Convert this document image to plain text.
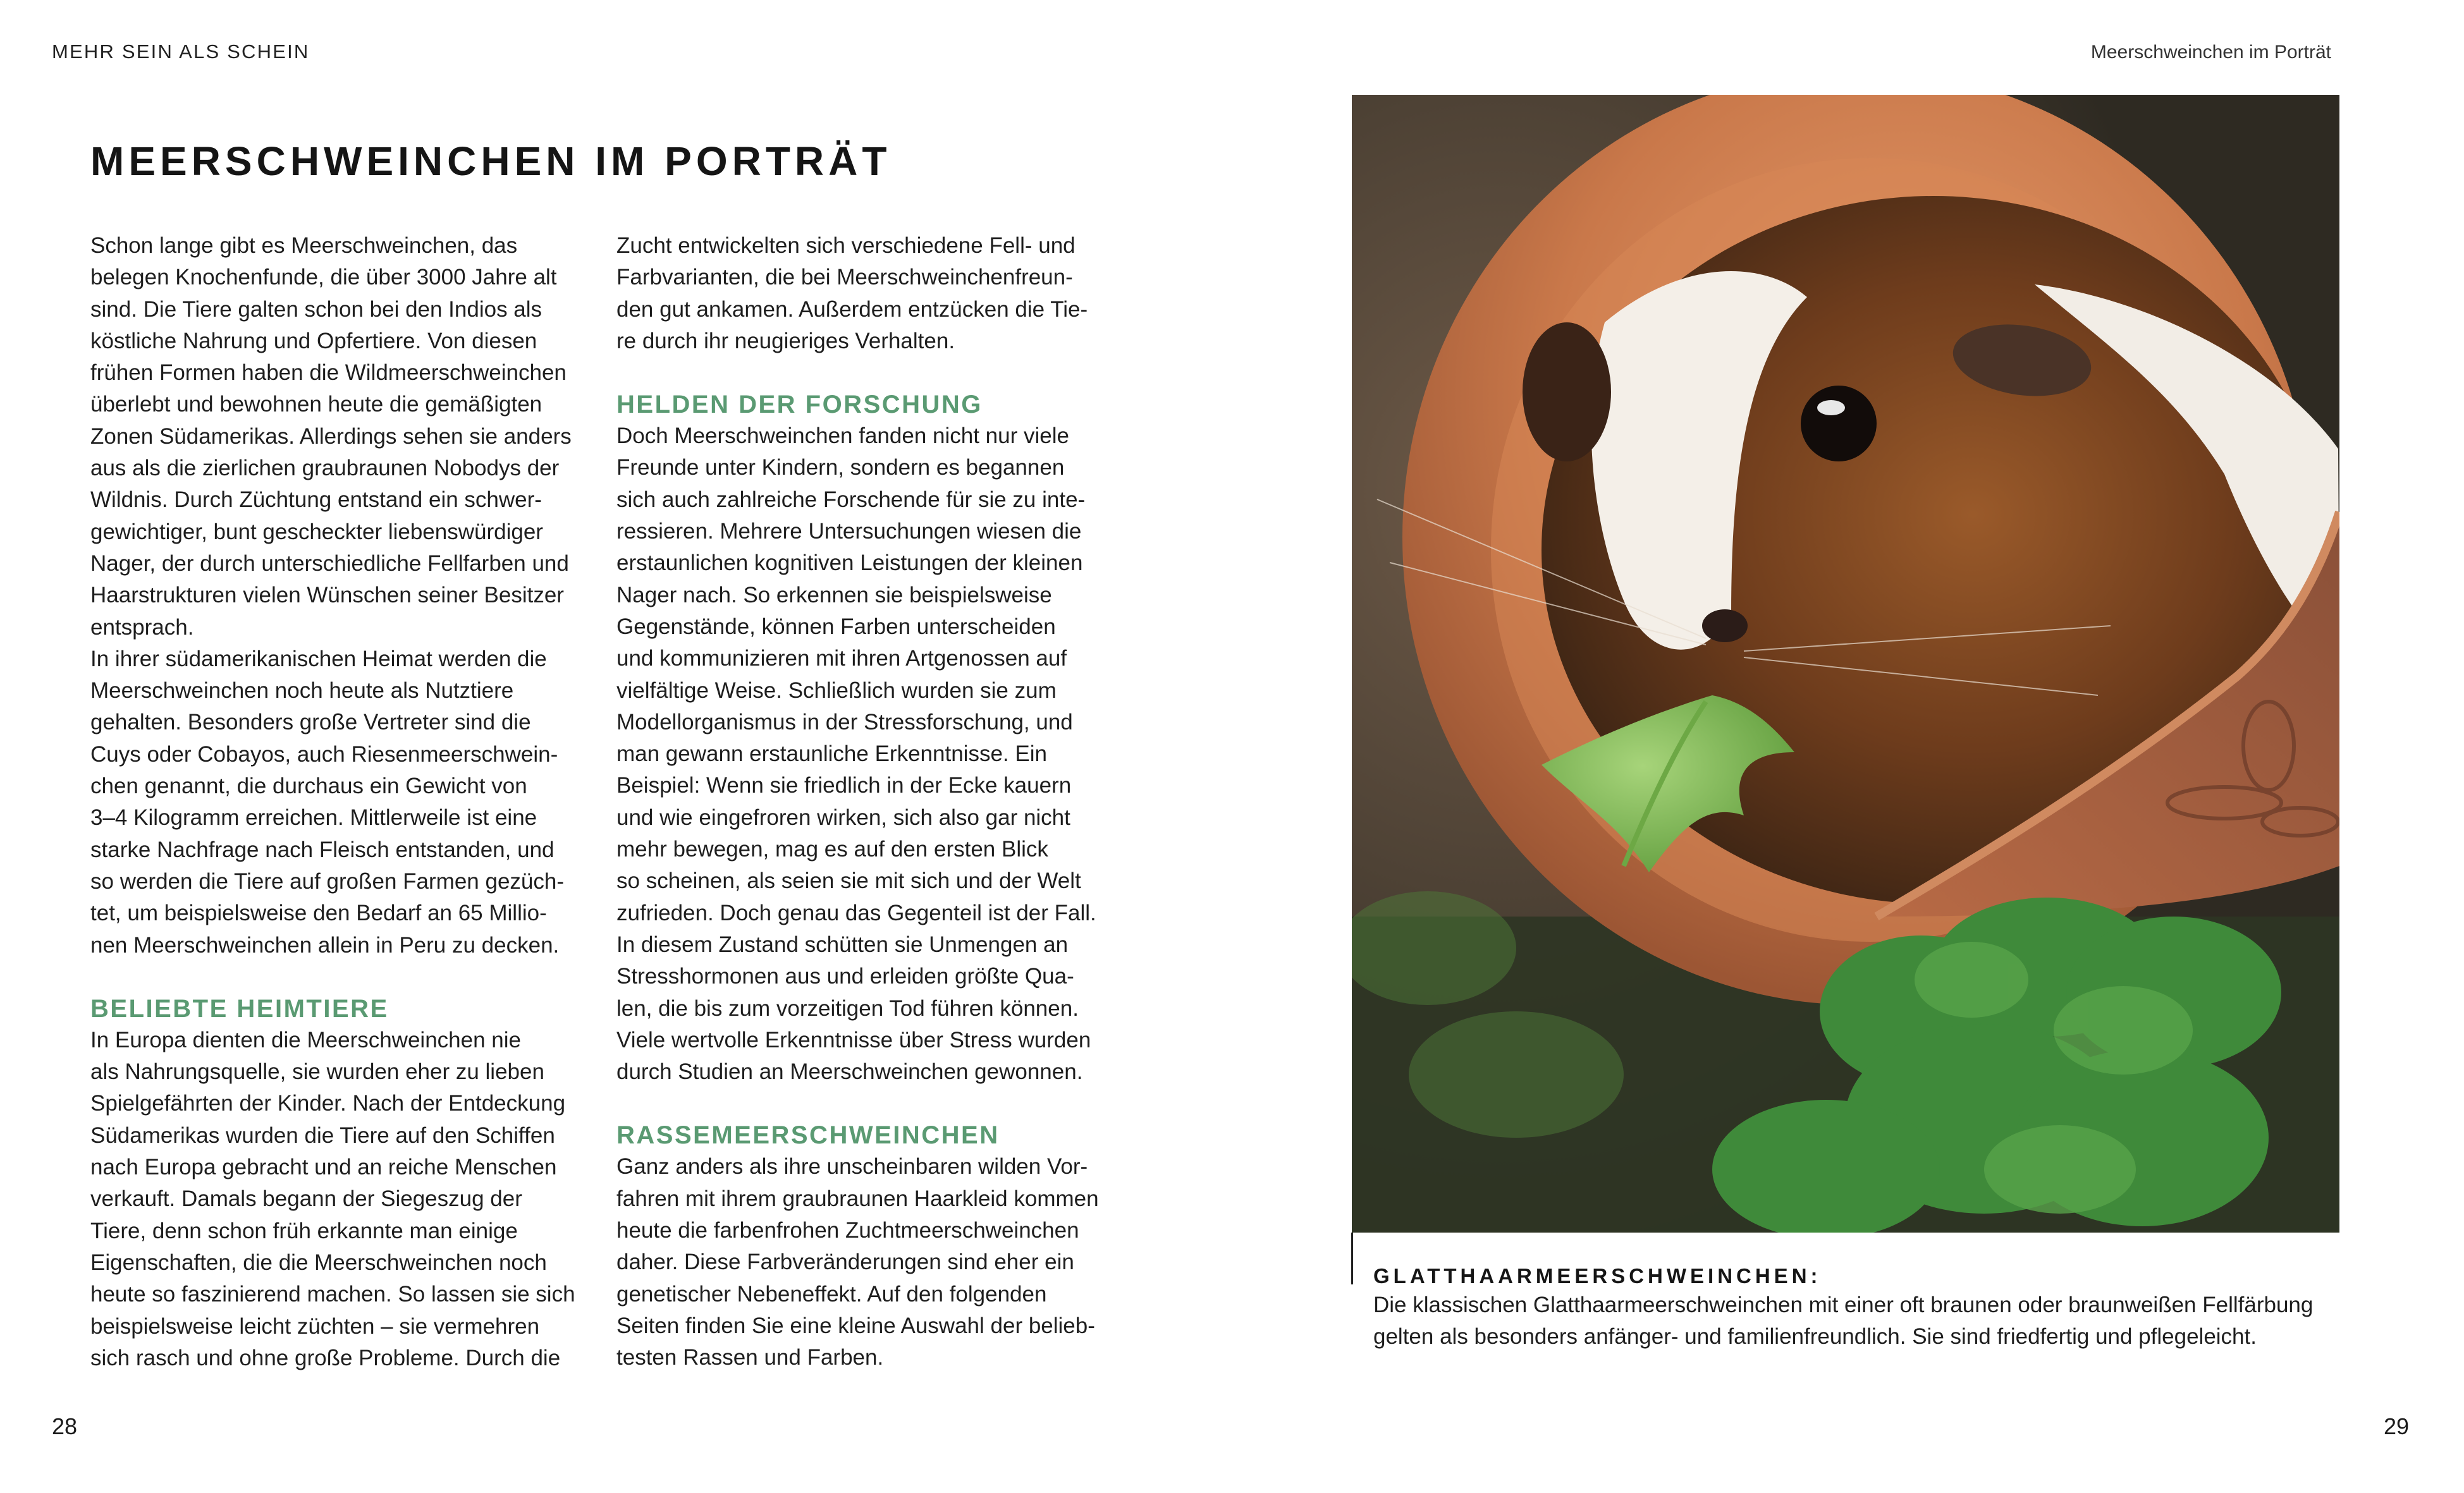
MEHR SEIN ALS SCHEIN	Meerschweinchen im Porträt
MEERSCHWEINCHEN IM PORTRÄT
Schon lange gibt es Meerschweinchen, das
belegen Knochenfunde, die über 3000 Jahre alt
sind. Die Tiere galten schon bei den Indios als
köstliche Nahrung und Opfertiere. Von diesen
frühen Formen haben die Wildmeerschweinchen
überlebt und bewohnen heute die gemäßigten
Zonen Südamerikas. Allerdings sehen sie anders
aus als die zierlichen graubraunen Nobodys der
Wildnis. Durch Züchtung entstand ein schwer-
gewichtiger, bunt gescheckter liebenswürdiger
Nager, der durch unterschiedliche Fellfarben und
Haarstrukturen vielen Wünschen seiner Besitzer
entsprach.
In ihrer südamerikanischen Heimat werden die
Meerschweinchen noch heute als Nutztiere
gehalten. Besonders große Vertreter sind die
Cuys oder Cobayos, auch Riesenmeerschwein-
chen genannt, die durchaus ein Gewicht von
3–4 Kilogramm erreichen. Mittlerweile ist eine
starke Nachfrage nach Fleisch entstanden, und
so werden die Tiere auf großen Farmen gezüch-
tet, um beispielsweise den Bedarf an 65 Millio-
nen Meerschweinchen allein in Peru zu decken.
BELIEBTE HEIMTIERE
In Europa dienten die Meerschweinchen nie
als Nahrungsquelle, sie wurden eher zu lieben
Spielgefährten der Kinder. Nach der Entdeckung
Südamerikas wurden die Tiere auf den Schiffen
nach Europa gebracht und an reiche Menschen
verkauft. Damals begann der Siegeszug der
Tiere, denn schon früh erkannte man einige
Eigenschaften, die die Meerschweinchen noch
heute so faszinierend machen. So lassen sie sich
beispielsweise leicht züchten – sie vermehren
sich rasch und ohne große Probleme. Durch die
Zucht entwickelten sich verschiedene Fell- und
Farbvarianten, die bei Meerschweinchenfreun-
den gut ankamen. Außerdem entzücken die Tie-
re durch ihr neugieriges Verhalten.
HELDEN DER FORSCHUNG
Doch Meerschweinchen fanden nicht nur viele
Freunde unter Kindern, sondern es begannen
sich auch zahlreiche Forschende für sie zu inte-
ressieren. Mehrere Untersuchungen wiesen die
erstaunlichen kognitiven Leistungen der kleinen
Nager nach. So erkennen sie beispielsweise
Gegenstände, können Farben unterscheiden
und kommunizieren mit ihren Artgenossen auf
vielfältige Weise. Schließlich wurden sie zum
Modellorganismus in der Stressforschung, und
man gewann erstaunliche Erkenntnisse. Ein
Beispiel: Wenn sie friedlich in der Ecke kauern
und wie eingefroren wirken, sich also gar nicht
mehr bewegen, mag es auf den ersten Blick
so scheinen, als seien sie mit sich und der Welt
zufrieden. Doch genau das Gegenteil ist der Fall.
In diesem Zustand schütten sie Unmengen an
Stresshormonen aus und erleiden größte Qua-
len, die bis zum vorzeitigen Tod führen können.
Viele wertvolle Erkenntnisse über Stress wurden
durch Studien an Meerschweinchen gewonnen.
RASSEMEERSCHWEINCHEN
Ganz anders als ihre unscheinbaren wilden Vor-
fahren mit ihrem graubraunen Haarkleid kommen
heute die farbenfrohen Zuchtmeerschweinchen
daher. Diese Farbveränderungen sind eher ein
genetischer Nebeneffekt. Auf den folgenden
Seiten finden Sie eine kleine Auswahl der belieb-
testen Rassen und Farben.
GLATTHAARMEERSCHWEINCHEN:
Die klassischen Glatthaarmeerschweinchen mit einer oft braunen oder braunweißen Fellfärbung
gelten als besonders anfänger- und familienfreundlich. Sie sind friedfertig und pflegeleicht.
28	29
